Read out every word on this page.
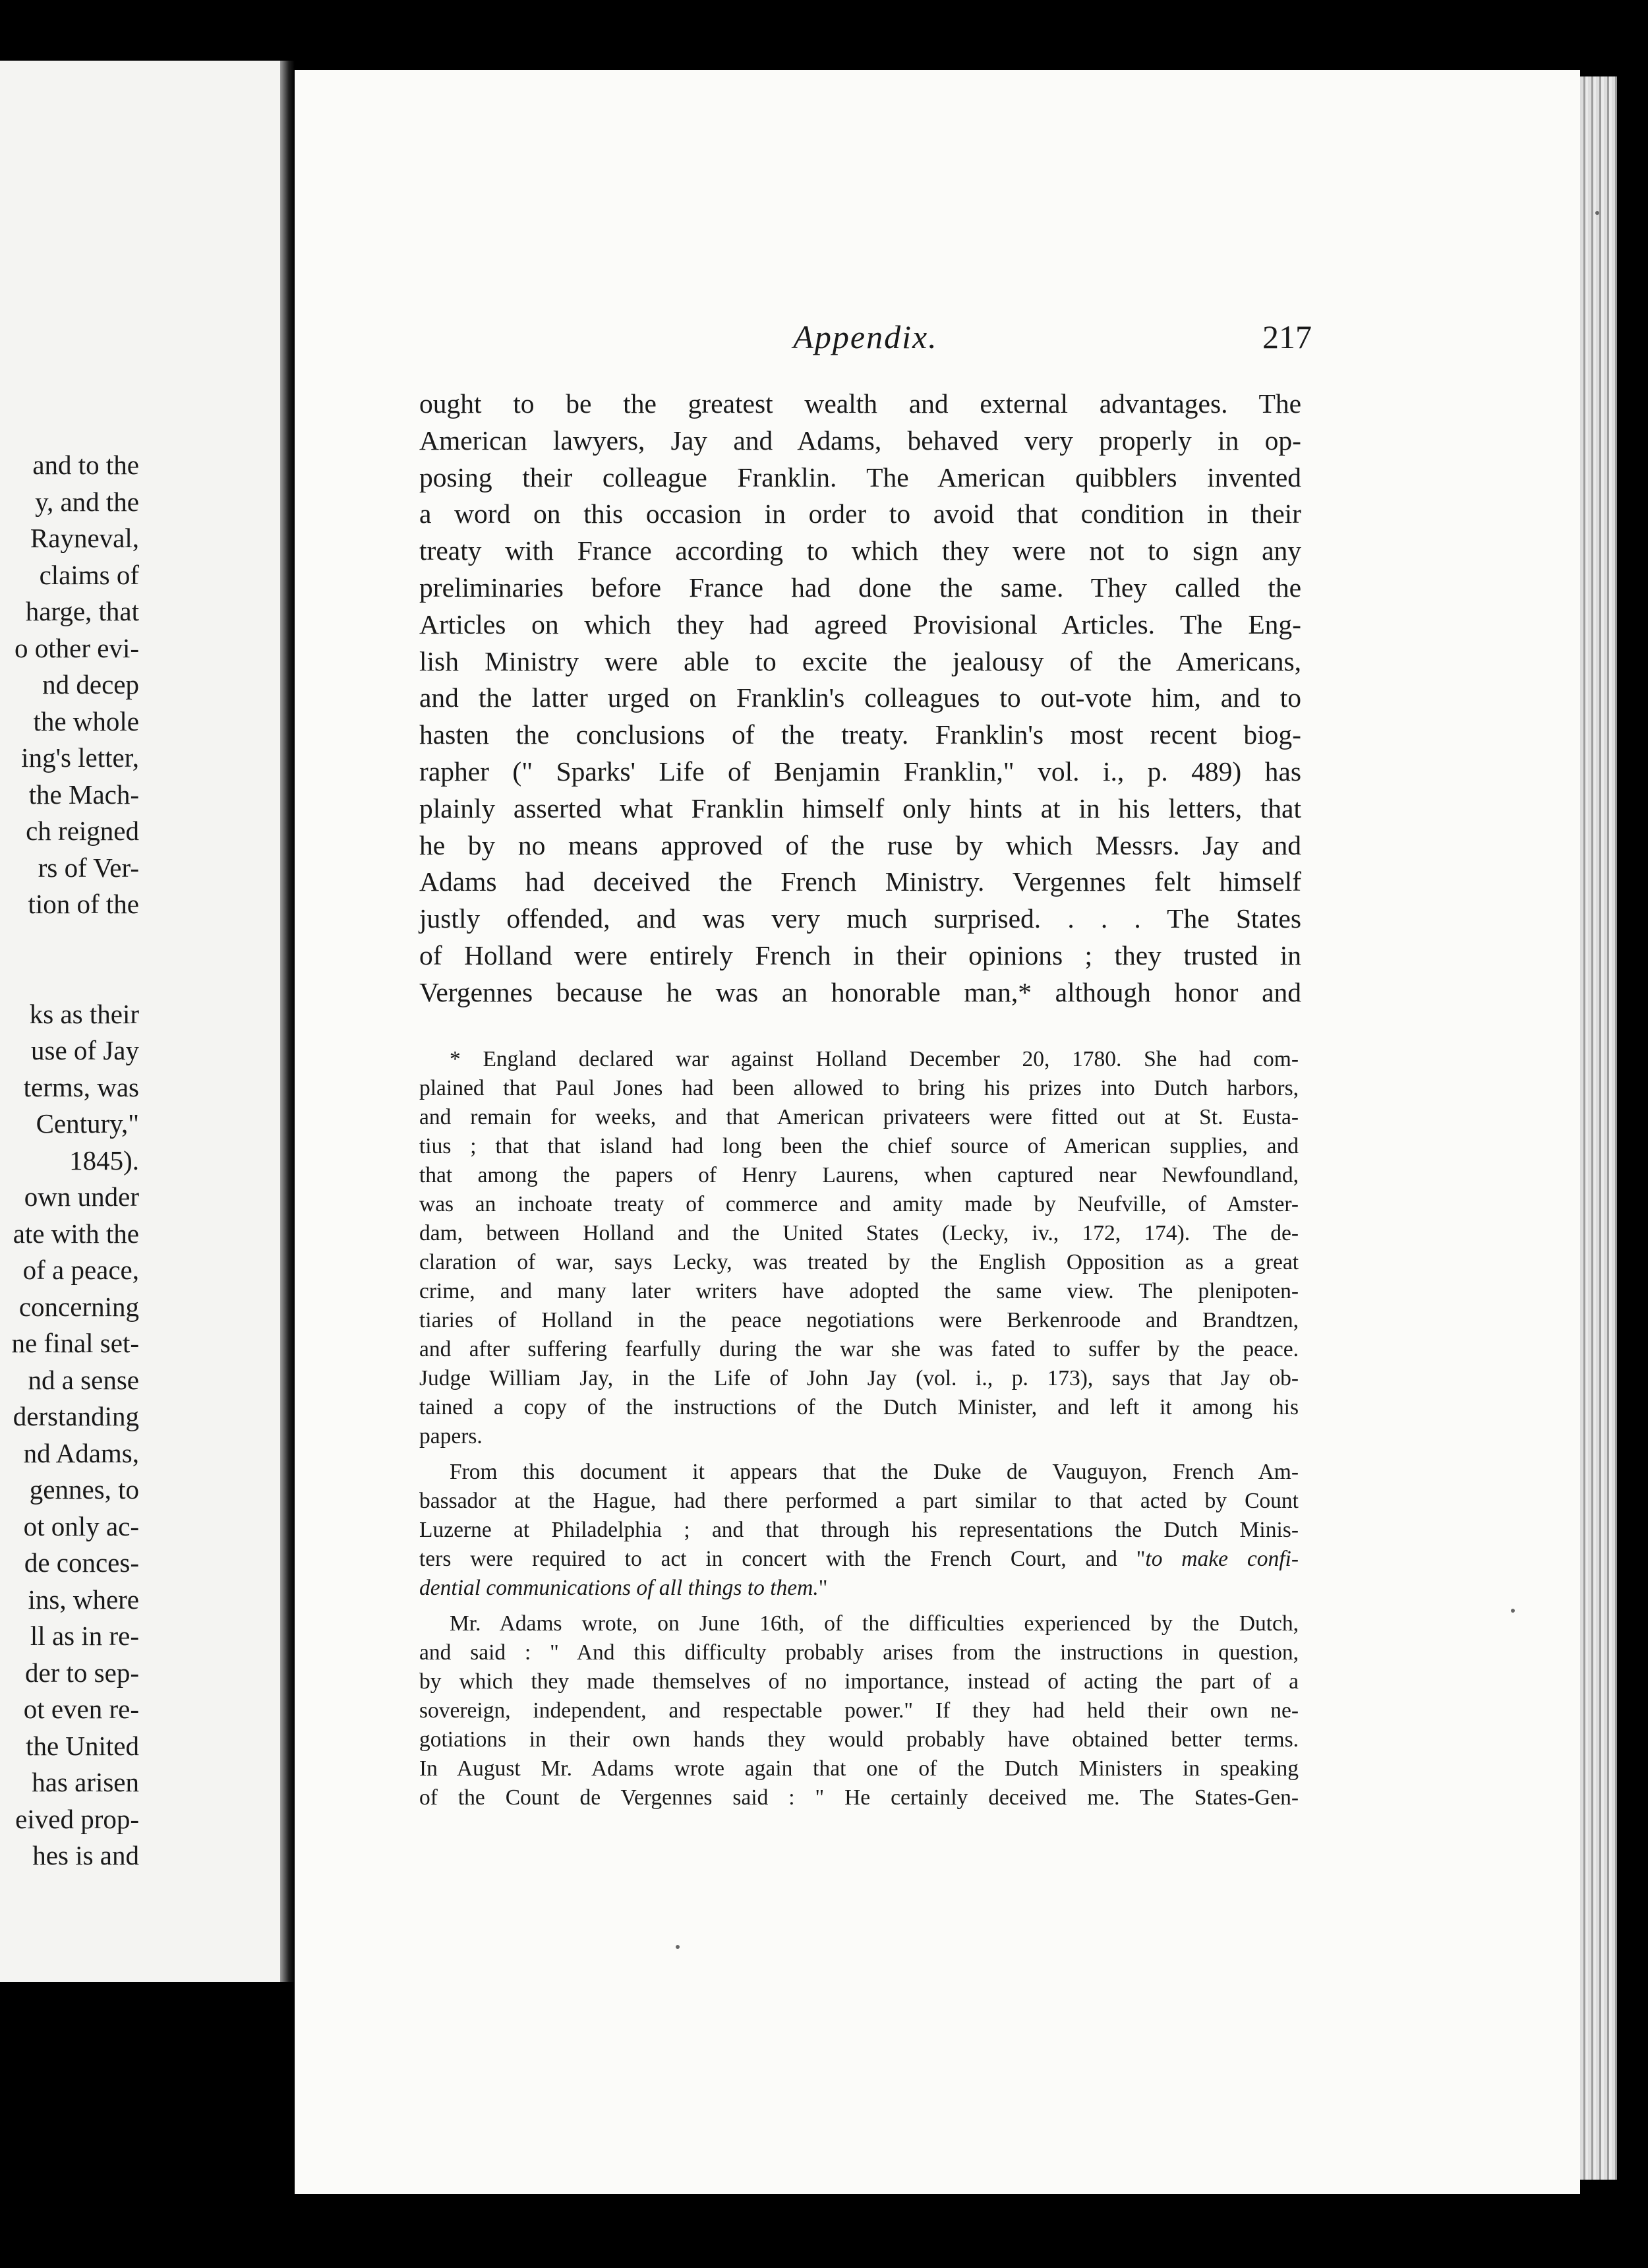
and to the
y, and the
Rayneval,
claims of
harge, that
o other evi-
nd decep
the whole
ing's letter,
the Mach-
ch reigned
rs of Ver-
tion of the
ks as their
use of Jay
terms, was
Century,"
1845).
own under
ate with the
of a peace,
concerning
ne final set-
nd a sense
derstanding
nd Adams,
gennes, to
ot only ac-
de conces-
ins, where
ll as in re-
der to sep-
ot even re-
the United
has arisen
eived prop-
hes is and
Appendix.	217
ought to be the greatest wealth and external advantages. The
American lawyers, Jay and Adams, behaved very properly in op-
posing their colleague Franklin. The American quibblers invented
a word on this occasion in order to avoid that condition in their
treaty with France according to which they were not to sign any
preliminaries before France had done the same. They called the
Articles on which they had agreed Provisional Articles. The Eng-
lish Ministry were able to excite the jealousy of the Americans,
and the latter urged on Franklin's colleagues to out-vote him, and to
hasten the conclusions of the treaty. Franklin's most recent biog-
rapher (" Sparks' Life of Benjamin Franklin," vol. i., p. 489) has
plainly asserted what Franklin himself only hints at in his letters, that
he by no means approved of the ruse by which Messrs. Jay and
Adams had deceived the French Ministry. Vergennes felt himself
justly offended, and was very much surprised. . . . The States
of Holland were entirely French in their opinions ; they trusted in
Vergennes because he was an honorable man,* although honor and
* England declared war against Holland December 20, 1780. She had com-
plained that Paul Jones had been allowed to bring his prizes into Dutch harbors,
and remain for weeks, and that American privateers were fitted out at St. Eusta-
tius ; that that island had long been the chief source of American supplies, and
that among the papers of Henry Laurens, when captured near Newfoundland,
was an inchoate treaty of commerce and amity made by Neufville, of Amster-
dam, between Holland and the United States (Lecky, iv., 172, 174). The de-
claration of war, says Lecky, was treated by the English Opposition as a great
crime, and many later writers have adopted the same view. The plenipoten-
tiaries of Holland in the peace negotiations were Berkenroode and Brandtzen,
and after suffering fearfully during the war she was fated to suffer by the peace.
Judge William Jay, in the Life of John Jay (vol. i., p. 173), says that Jay ob-
tained a copy of the instructions of the Dutch Minister, and left it among his
papers.
From this document it appears that the Duke de Vauguyon, French Am-
bassador at the Hague, had there performed a part similar to that acted by Count
Luzerne at Philadelphia ; and that through his representations the Dutch Minis-
ters were required to act in concert with the French Court, and "to make confi-
dential communications of all things to them."
Mr. Adams wrote, on June 16th, of the difficulties experienced by the Dutch,
and said : " And this difficulty probably arises from the instructions in question,
by which they made themselves of no importance, instead of acting the part of a
sovereign, independent, and respectable power." If they had held their own ne-
gotiations in their own hands they would probably have obtained better terms.
In August Mr. Adams wrote again that one of the Dutch Ministers in speaking
of the Count de Vergennes said : " He certainly deceived me. The States-Gen-
